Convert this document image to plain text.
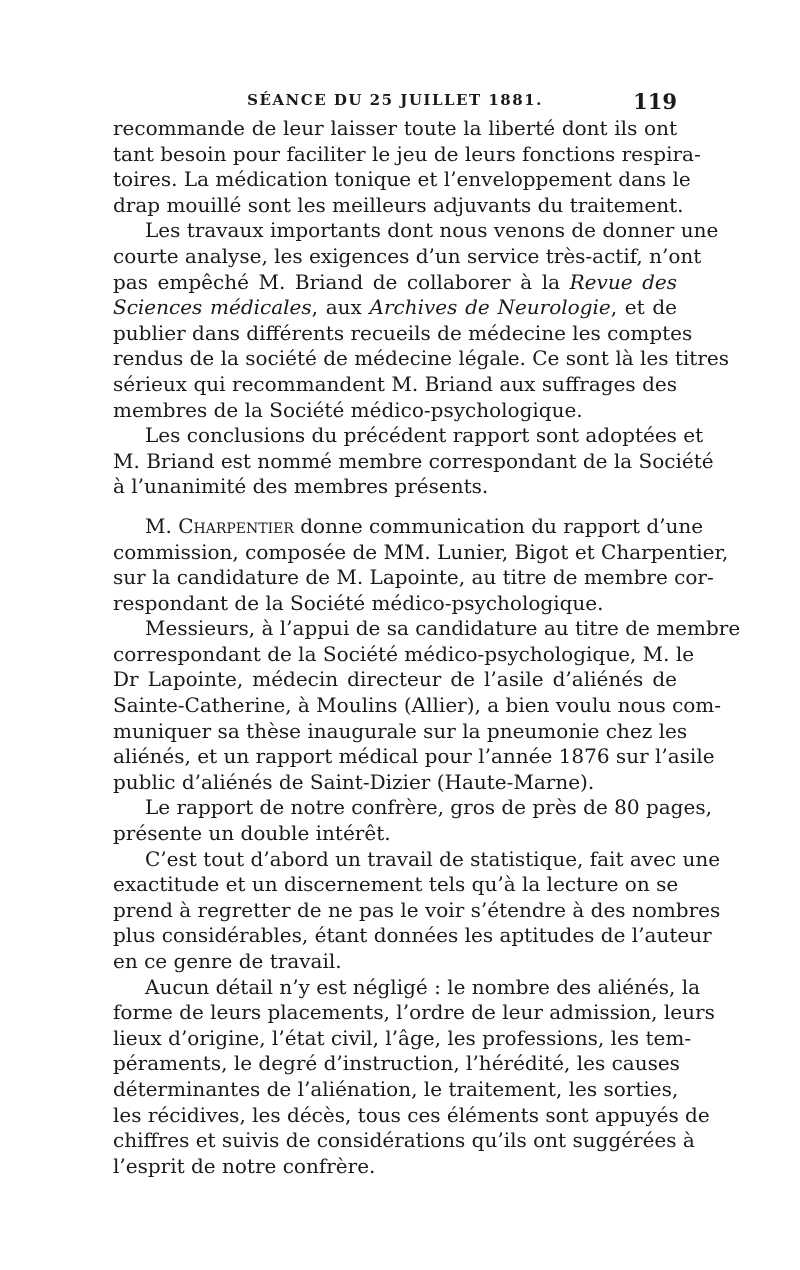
SÉANCE DU 25 JUILLET 1881.	119
recommande de leur laisser toute la liberté dont ils ont
tant besoin pour faciliter le jeu de leurs fonctions respira-
toires. La médication tonique et l’enveloppement dans le
drap mouillé sont les meilleurs adjuvants du traitement.
Les travaux importants dont nous venons de donner une
courte analyse, les exigences d’un service très-actif, n’ont
pas empêché M. Briand de collaborer à la Revue des
Sciences médicales, aux Archives de Neurologie, et de
publier dans différents recueils de médecine les comptes
rendus de la société de médecine légale. Ce sont là les titres
sérieux qui recommandent M. Briand aux suffrages des
membres de la Société médico-psychologique.
Les conclusions du précédent rapport sont adoptées et
M. Briand est nommé membre correspondant de la Société
à l’unanimité des membres présents.
M. Charpentier donne communication du rapport d’une
commission, composée de MM. Lunier, Bigot et Charpentier,
sur la candidature de M. Lapointe, au titre de membre cor-
respondant de la Société médico-psychologique.
Messieurs, à l’appui de sa candidature au titre de membre
correspondant de la Société médico-psychologique, M. le
Dr Lapointe, médecin directeur de l’asile d’aliénés de
Sainte-Catherine, à Moulins (Allier), a bien voulu nous com-
muniquer sa thèse inaugurale sur la pneumonie chez les
aliénés, et un rapport médical pour l’année 1876 sur l’asile
public d’aliénés de Saint-Dizier (Haute-Marne).
Le rapport de notre confrère, gros de près de 80 pages,
présente un double intérêt.
C’est tout d’abord un travail de statistique, fait avec une
exactitude et un discernement tels qu’à la lecture on se
prend à regretter de ne pas le voir s’étendre à des nombres
plus considérables, étant données les aptitudes de l’auteur
en ce genre de travail.
Aucun détail n’y est négligé : le nombre des aliénés, la
forme de leurs placements, l’ordre de leur admission, leurs
lieux d’origine, l’état civil, l’âge, les professions, les tem-
péraments, le degré d’instruction, l’hérédité, les causes
déterminantes de l’aliénation, le traitement, les sorties,
les récidives, les décès, tous ces éléments sont appuyés de
chiffres et suivis de considérations qu’ils ont suggérées à
l’esprit de notre confrère.
